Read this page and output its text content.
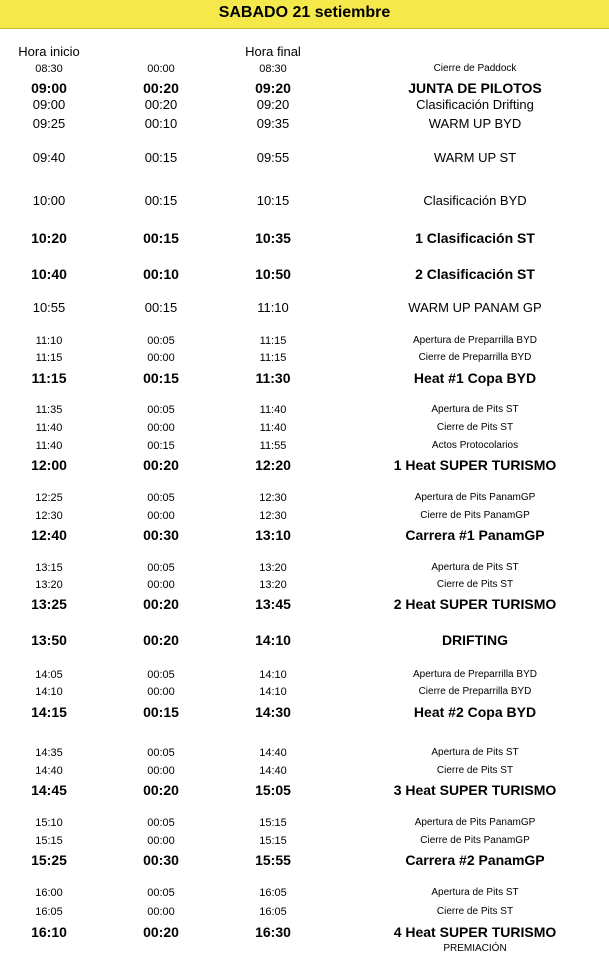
SABADO 21 setiembre
Hora inicio	Hora final
08:30	00:00	08:30	Cierre de Paddock
09:00	00:20	09:20	JUNTA DE PILOTOS
09:00	00:20	09:20	Clasificación Drifting
09:25	00:10	09:35	WARM UP BYD
09:40	00:15	09:55	WARM UP ST
10:00	00:15	10:15	Clasificación BYD
10:20	00:15	10:35	1 Clasificación ST
10:40	00:10	10:50	2 Clasificación ST
10:55	00:15	11:10	WARM UP PANAM GP
11:10	00:05	11:15	Apertura de Preparrilla BYD
11:15	00:00	11:15	Cierre de Preparrilla BYD
11:15	00:15	11:30	Heat #1 Copa BYD
11:35	00:05	11:40	Apertura de Pits ST
11:40	00:00	11:40	Cierre de Pits ST
11:40	00:15	11:55	Actos Protocolarios
12:00	00:20	12:20	1 Heat SUPER TURISMO
12:25	00:05	12:30	Apertura de Pits PanamGP
12:30	00:00	12:30	Cierre de Pits PanamGP
12:40	00:30	13:10	Carrera #1 PanamGP
13:15	00:05	13:20	Apertura de Pits ST
13:20	00:00	13:20	Cierre de Pits ST
13:25	00:20	13:45	2 Heat SUPER TURISMO
13:50	00:20	14:10	DRIFTING
14:05	00:05	14:10	Apertura de Preparrilla BYD
14:10	00:00	14:10	Cierre de Preparrilla BYD
14:15	00:15	14:30	Heat #2 Copa BYD
14:35	00:05	14:40	Apertura de Pits ST
14:40	00:00	14:40	Cierre de Pits ST
14:45	00:20	15:05	3 Heat SUPER TURISMO
15:10	00:05	15:15	Apertura de Pits PanamGP
15:15	00:00	15:15	Cierre de Pits PanamGP
15:25	00:30	15:55	Carrera #2 PanamGP
16:00	00:05	16:05	Apertura de Pits ST
16:05	00:00	16:05	Cierre de Pits ST
16:10	00:20	16:30	4 Heat SUPER TURISMO
PREMIACIÓN
